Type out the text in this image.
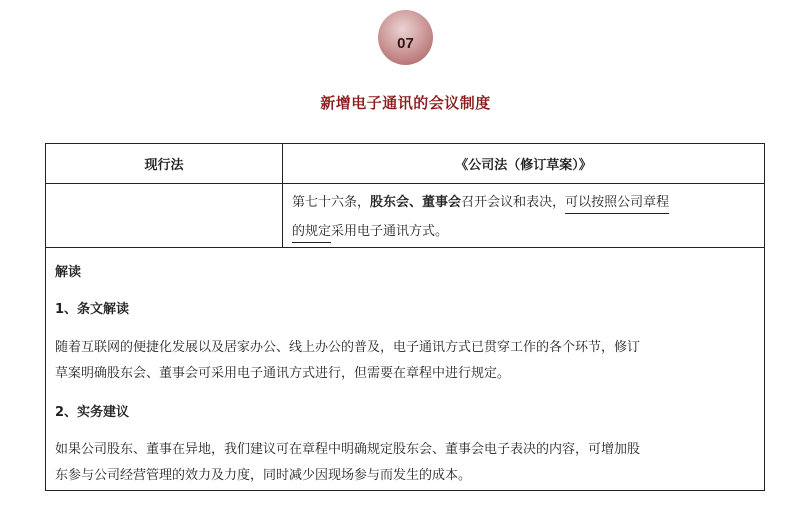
07
新增电子通讯的会议制度
现行法	《公司法（修订草案）》
第七十六条，股东会、董事会召开会议和表决，可以按照公司章程
的规定采用电子通讯方式。
解读
1、条文解读
随着互联网的便捷化发展以及居家办公、线上办公的普及，电子通讯方式已贯穿工作的各个环节，修订
草案明确股东会、董事会可采用电子通讯方式进行，但需要在章程中进行规定。
2、实务建议
如果公司股东、董事在异地，我们建议可在章程中明确规定股东会、董事会电子表决的内容，可增加股
东参与公司经营管理的效力及力度，同时减少因现场参与而发生的成本。
